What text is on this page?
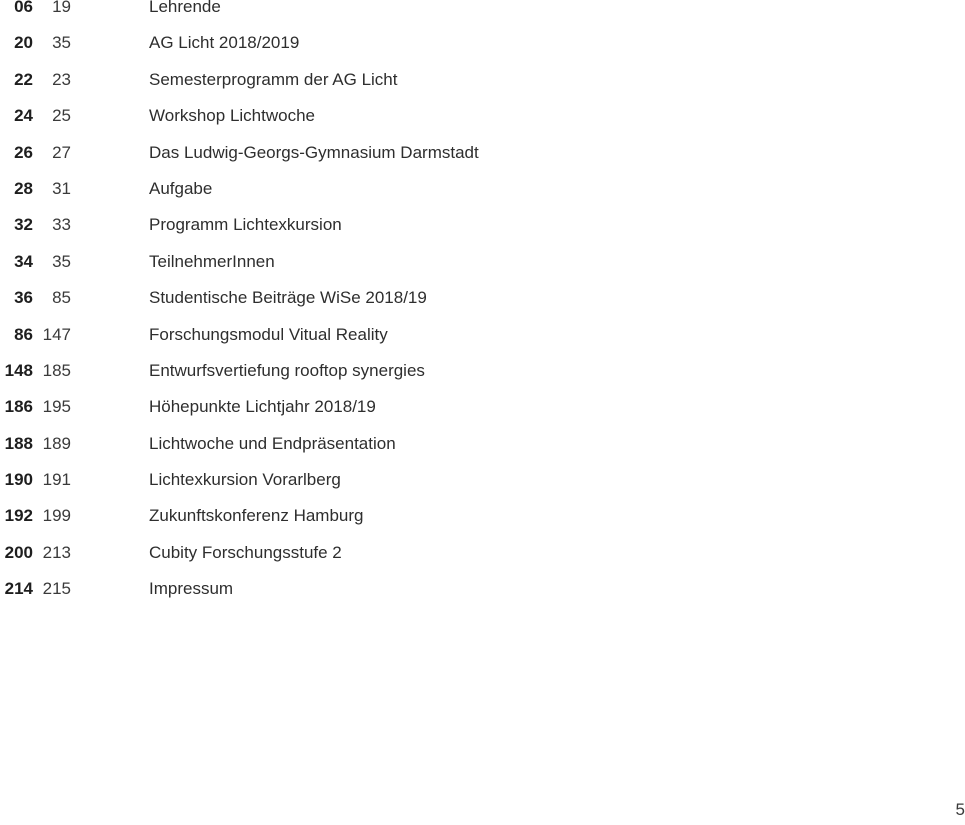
06	19	Lehrende
20	35	AG Licht 2018/2019
22	23	Semesterprogramm der AG Licht
24	25	Workshop Lichtwoche
26	27	Das Ludwig-Georgs-Gymnasium Darmstadt
28	31	Aufgabe
32	33	Programm Lichtexkursion
34	35	TeilnehmerInnen
36	85	Studentische Beiträge WiSe 2018/19
86 147	Forschungsmodul Vitual Reality
148 185	Entwurfsvertiefung rooftop synergies
186 195	Höhepunkte Lichtjahr 2018/19
188 189	Lichtwoche und Endpräsentation
190 191	Lichtexkursion Vorarlberg
192 199	Zukunftskonferenz Hamburg
200 213	Cubity Forschungsstufe 2
214 215	Impressum
5
